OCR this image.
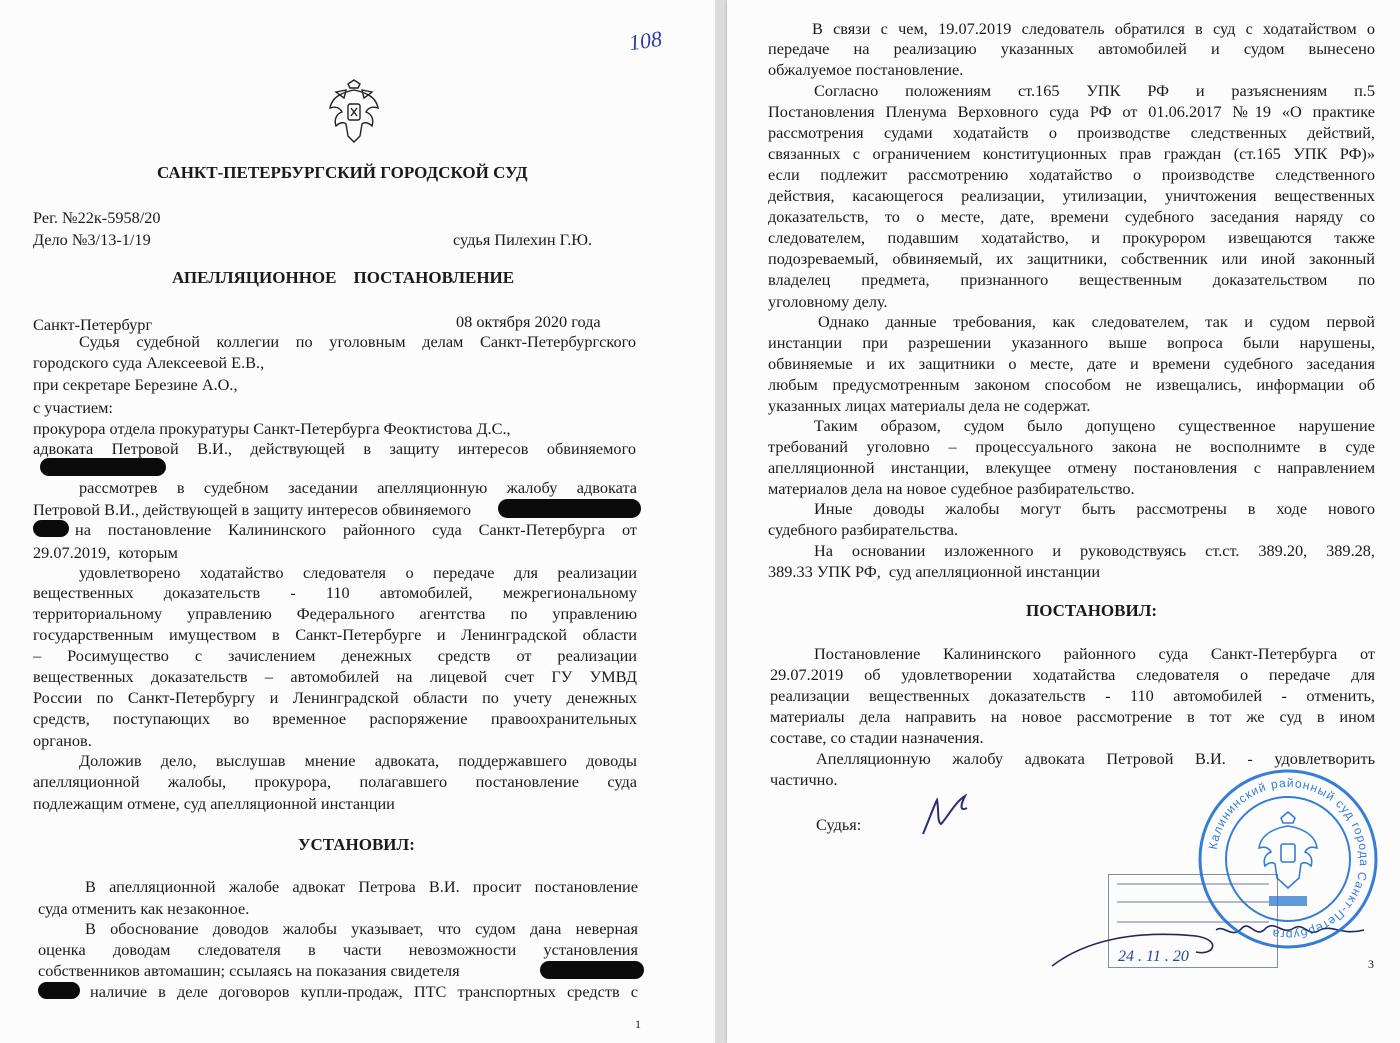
108
САНКТ-ПЕТЕРБУРГСКИЙ ГОРОДСКОЙ СУД
Рег. №22к-5958/20
Дело №3/13-1/19	судья Пилехин Г.Ю.
АПЕЛЛЯЦИОННОЕ    ПОСТАНОВЛЕНИЕ
Санкт-Петербург	08 октября 2020 года
Судья судебной коллегии по уголовным делам Санкт-Петербургского
городского суда Алексеевой Е.В.,
при секретаре Березине А.О.,
с участием:
прокурора отдела прокуратуры Санкт-Петербурга Феоктистова Д.С.,
адвоката Петровой В.И., действующей в защиту интересов обвиняемого
рассмотрев в судебном заседании апелляционную жалобу адвоката
Петровой В.И., действующей в защиту интересов обвиняемого
на постановление Калининского районного суда Санкт-Петербурга от
29.07.2019,  которым
удовлетворено ходатайство следователя о передаче для реализации
вещественных доказательств - 110 автомобилей, межрегиональному
территориальному управлению Федерального агентства по управлению
государственным имуществом в Санкт-Петербурге и Ленинградской области
– Росимущество с зачислением денежных средств от реализации
вещественных доказательств – автомобилей на лицевой счет ГУ УМВД
России по Санкт-Петербургу и Ленинградской области по учету денежных
средств, поступающих во временное распоряжение правоохранительных
органов.
Доложив дело, выслушав мнение адвоката, поддержавшего доводы
апелляционной жалобы, прокурора, полагавшего постановление суда
подлежащим отмене, суд апелляционной инстанции
УСТАНОВИЛ:
В апелляционной жалобе адвокат Петрова В.И. просит постановление
суда отменить как незаконное.
В обоснование доводов жалобы указывает, что судом дана неверная
оценка доводам следователя в части невозможности установления
собственников автомашин; ссылаясь на показания свидетеля
наличие в деле договоров купли-продаж, ПТС транспортных средств с
1
В связи с чем, 19.07.2019 следователь обратился в суд с ходатайством о
передаче на реализацию указанных автомобилей и судом вынесено
обжалуемое постановление.
Согласно положениям ст.165 УПК РФ и разъяснениям п.5
Постановления Пленума Верховного суда РФ от 01.06.2017 №19 «О практике
рассмотрения судами ходатайств о производстве следственных действий,
связанных с ограничением конституционных прав граждан (ст.165 УПК РФ)»
если подлежит рассмотрению ходатайство о производстве следственного
действия, касающегося реализации, утилизации, уничтожения вещественных
доказательств, то о месте, дате, времени судебного заседания наряду со
следователем, подавшим ходатайство, и прокурором извещаются также
подозреваемый, обвиняемый, их защитники, собственник или иной законный
владелец предмета, признанного вещественным доказательством по
уголовному делу.
Однако данные требования, как следователем, так и судом первой
инстанции при разрешении указанного выше вопроса были нарушены,
обвиняемые и их защитники о месте, дате и времени судебного заседания
любым предусмотренным законом способом не извещались, информации об
указанных лицах материалы дела не содержат.
Таким образом, судом было допущено существенное нарушение
требований уголовно – процессуального закона не восполнимте в суде
апелляционной инстанции, влекущее отмену постановления с направлением
материалов дела на новое судебное разбирательство.
Иные доводы жалобы могут быть рассмотрены в ходе нового
судебного разбирательства.
На основании изложенного и руководствуясь ст.ст. 389.20, 389.28,
389.33 УПК РФ,  суд апелляционной инстанции
ПОСТАНОВИЛ:
Постановление Калининского районного суда Санкт-Петербурга от
29.07.2019 об удовлетворении ходатайства следователя о передаче для
реализации вещественных доказательств - 110 автомобилей - отменить,
материалы дела направить на новое рассмотрение в тот же суд в ином
составе, со стадии назначения.
Апелляционную жалобу адвоката Петровой В.И. - удовлетворить
частично.
Судья:
24 . 11 . 20
Калининский районный суд города Санкт-Петербурга
3
